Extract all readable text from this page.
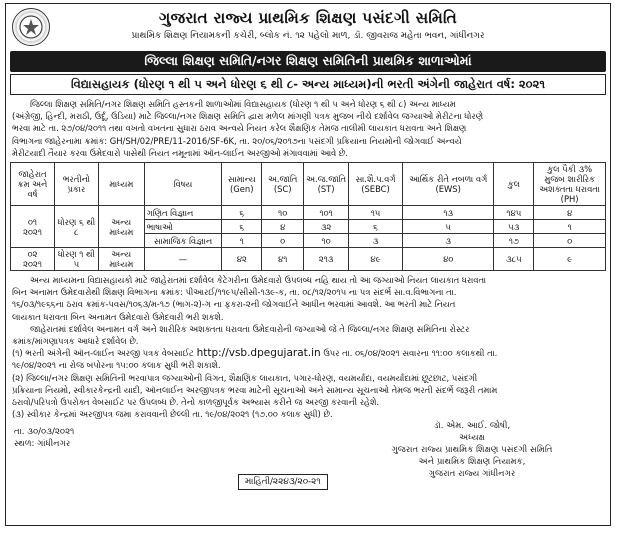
ગુજરાત રાજ્ય પ્રાથમિક શિક્ષણ પસંદગી સમિતિ
પ્રાથમિક શિક્ષણ નિયામકની કચેરી, બ્લોક નં. ૧૨ પહેલો માળ, ડૉ. જીવરાજ મહેતા ભવન, ગાંધીનગર
જિલ્લા શિક્ષણ સમિતિ/નગર શિક્ષણ સમિતિની પ્રાથમિક શાળાઓમાં
વિદ્યાસહાયક (ધોરણ ૧ થી ૫ અને ધોરણ ૬ થી ૮- અન્ય માધ્યમ)ની ભરતી અંગેની જાહેરાત વર્ષ: ૨૦૨૧
જિલ્લા શિક્ષણ સમિતિ/નગર શિક્ષણ સમિતિ હસ્તકની શાળાઓમાં વિદ્યાસહાયક (ધોરણ ૧ થી ૫ અને ધોરણ ૬ થી ૮) અન્ય માધ્યમ
(અંગ્રેજી, હિન્દી, મરાઠી, ઉર્દૂ, ઉડિયા) માટે જિલ્લા/નગર શિક્ષણ સમિતિ દ્વારા મળેલ માંગણી પત્રક મુજબ નીચે દર્શાવેલ જગ્યાઓ મેરીટના ધોરણે
ભરવા માટે તા. ૨૭/૦૪/૨૦૧૧ તથા વખતો વખતના સુધારા ઠરાવ અન્વયે નિયત કરેલ શૈક્ષણિક તેમજ તાલીમી લાયકાત ધરાવતા અને શિક્ષણ
વિભાગના જાહેરનામા ક્રમાંક: GH/SH/02/PRE/11-2016/SF-6K, તા. ૨૦/૦૬/૨૦૧૭ના પસંદગી પ્રક્રિયાના નિયમોની જોગવાઈ અન્વયે
મેરીટયાદી તૈયાર કરવા ઉમેદવારો પાસેથી નિયત નમૂનામાં ઑન-લાઈન અરજીઓ મંગાવવામાં આવે છે.
જાહેરાત ક્રમ અને વર્ષ	ભરતીનો પ્રકાર	માધ્યમ	વિષય	સામાન્ય (Gen)	અ.જાતિ (SC)	અ.જ.જાતિ (ST)	સા.શૈ.પ.વર્ગ (SEBC)	આર્થિક રીતે નબળા વર્ગ (EWS)	કુલ	કુલ પૈકી ૩% મુજબ શારીરિક અશક્તતા ધરાવતા (PH)
૦૧
૨૦૨૧	ધોરણ ૬ થી ૮	અન્ય માધ્યમ	ગણિત વિજ્ઞાન	૬	૧૦	૧૦૧	૧૫	૧૩	૧૪૫	૪
			ભાષાઓ	૬	૪	૩૨	૬	૫	૫૩	૧
			સામાજિક વિજ્ઞાન	૧	૦	૧૦	૩	૩	૧૭	૦
૦૨
૨૦૨૧	ધોરણ ૧ થી ૫	અન્ય માધ્યમ	—	૪૨	૪૧	૨૧૩	૪૯	૪૦	૩૮૫	૯
અન્ય માધ્યમના વિદ્યાસહાયકો માટે જાહેરાતમાં દર્શાવેલ કેટેગરીના ઉમેદવારો ઉપલબ્ધ નહિ થાય તો આ જગ્યાઓ નિયત લાયકાત ધરાવતા
બિન અનામત ઉમેદવારોથી શિક્ષણ વિભાગના ક્રમાંક: પીઆરઈ/૧૧૯૫/સીસી-૧૩૯-ક, તા. ૦૮/૧૨/૨૦૧૫ ના પત્ર સંદર્ભે સા.વ.વિભાગના તા.
૧૬/૦૩/૧૯૬૬ના ઠરાવ ક્રમાંક-પવસ/૧૦૬૩/મ-૧૭ (ભાગ-૨)-ગ ના ફકરા-૨ની જોગવાઈને આધીન ભરવામાં આવશે. આ ભરતી માટે નિયત
લાયકાત ધરાવતા બિન અનામત ઉમેદવારો ઉમેદવારી ભરી શકશે.
જાહેરાતમાં દર્શાવેલ અનામત વર્ગ અને શારીરિક અશક્તતા ધરાવતા ઉમેદવારોની જગ્યાઓ જે તે જિલ્લા/નગર શિક્ષણ સમિતિના રોસ્ટર
ક્રમાંક/માંગણાપત્રક આધારે દર્શાવેલ છે.
(૧) ભરતી અંગેની ઑન-લાઈન અરજી પત્રક વેબસાઈટ http://vsb.dpegujarat.in ઉપર તા. ૦૬/૦૪/૨૦૨૧ સવારના ૧૧:૦૦ કલાકથી તા.
૧૯/૦૪/૨૦૨૧ ના રોજ બપોરના ૧૫:૦૦ કલાક સુધી ભરી શકાશે.
(૨) જિલ્લા/નગર શિક્ષણ સમિતિની ભરવાપાત્ર જગ્યાઓની વિગત, શૈક્ષણિક લાયકાત, પગાર-ધોરણ, વયમર્યાદા, વયમર્યાદામાં છૂટછાટ, પસંદગી
પ્રક્રિયાના નિયમો, સ્વીકારકેન્દ્રની યાદી, ઑનલાઈન અરજીપત્રક ભરવા માટેની સૂચનાઓ અને સામાન્ય સૂચનાઓ તેમજ ભરતી સંદર્ભે જરૂરી તમામ
ઠરાવો/પરિપત્રો ઉપરોક્ત વેબસાઈટ પર ઉપલબ્ધ છે. તેનો કાળજીપૂર્વક અભ્યાસ કરીને જ અરજી કરવાની રહેશે.
(૩) સ્વીકાર કેન્દ્રમાં અરજીપત્ર જમા કરાવવાની છેલ્લી તા. ૧૯/૦૪/૨૦૨૧ (૧૭.૦૦ કલાક સુધી) છે.
તા. ૩૦/૦૩/૨૦૨૧
સ્થળ: ગાંધીનગર
ડૉ. એમ. આઈ. જોષી,
અધ્યક્ષ
ગુજરાત રાજ્ય પ્રાથમિક શિક્ષણ પસંદગી સમિતિ
અને પ્રાથમિક શિક્ષણ નિયામક,
ગુજરાત રાજ્ય ગાંધીનગર
માહિતી/૨૨૪૩/૨૦-૨૧
